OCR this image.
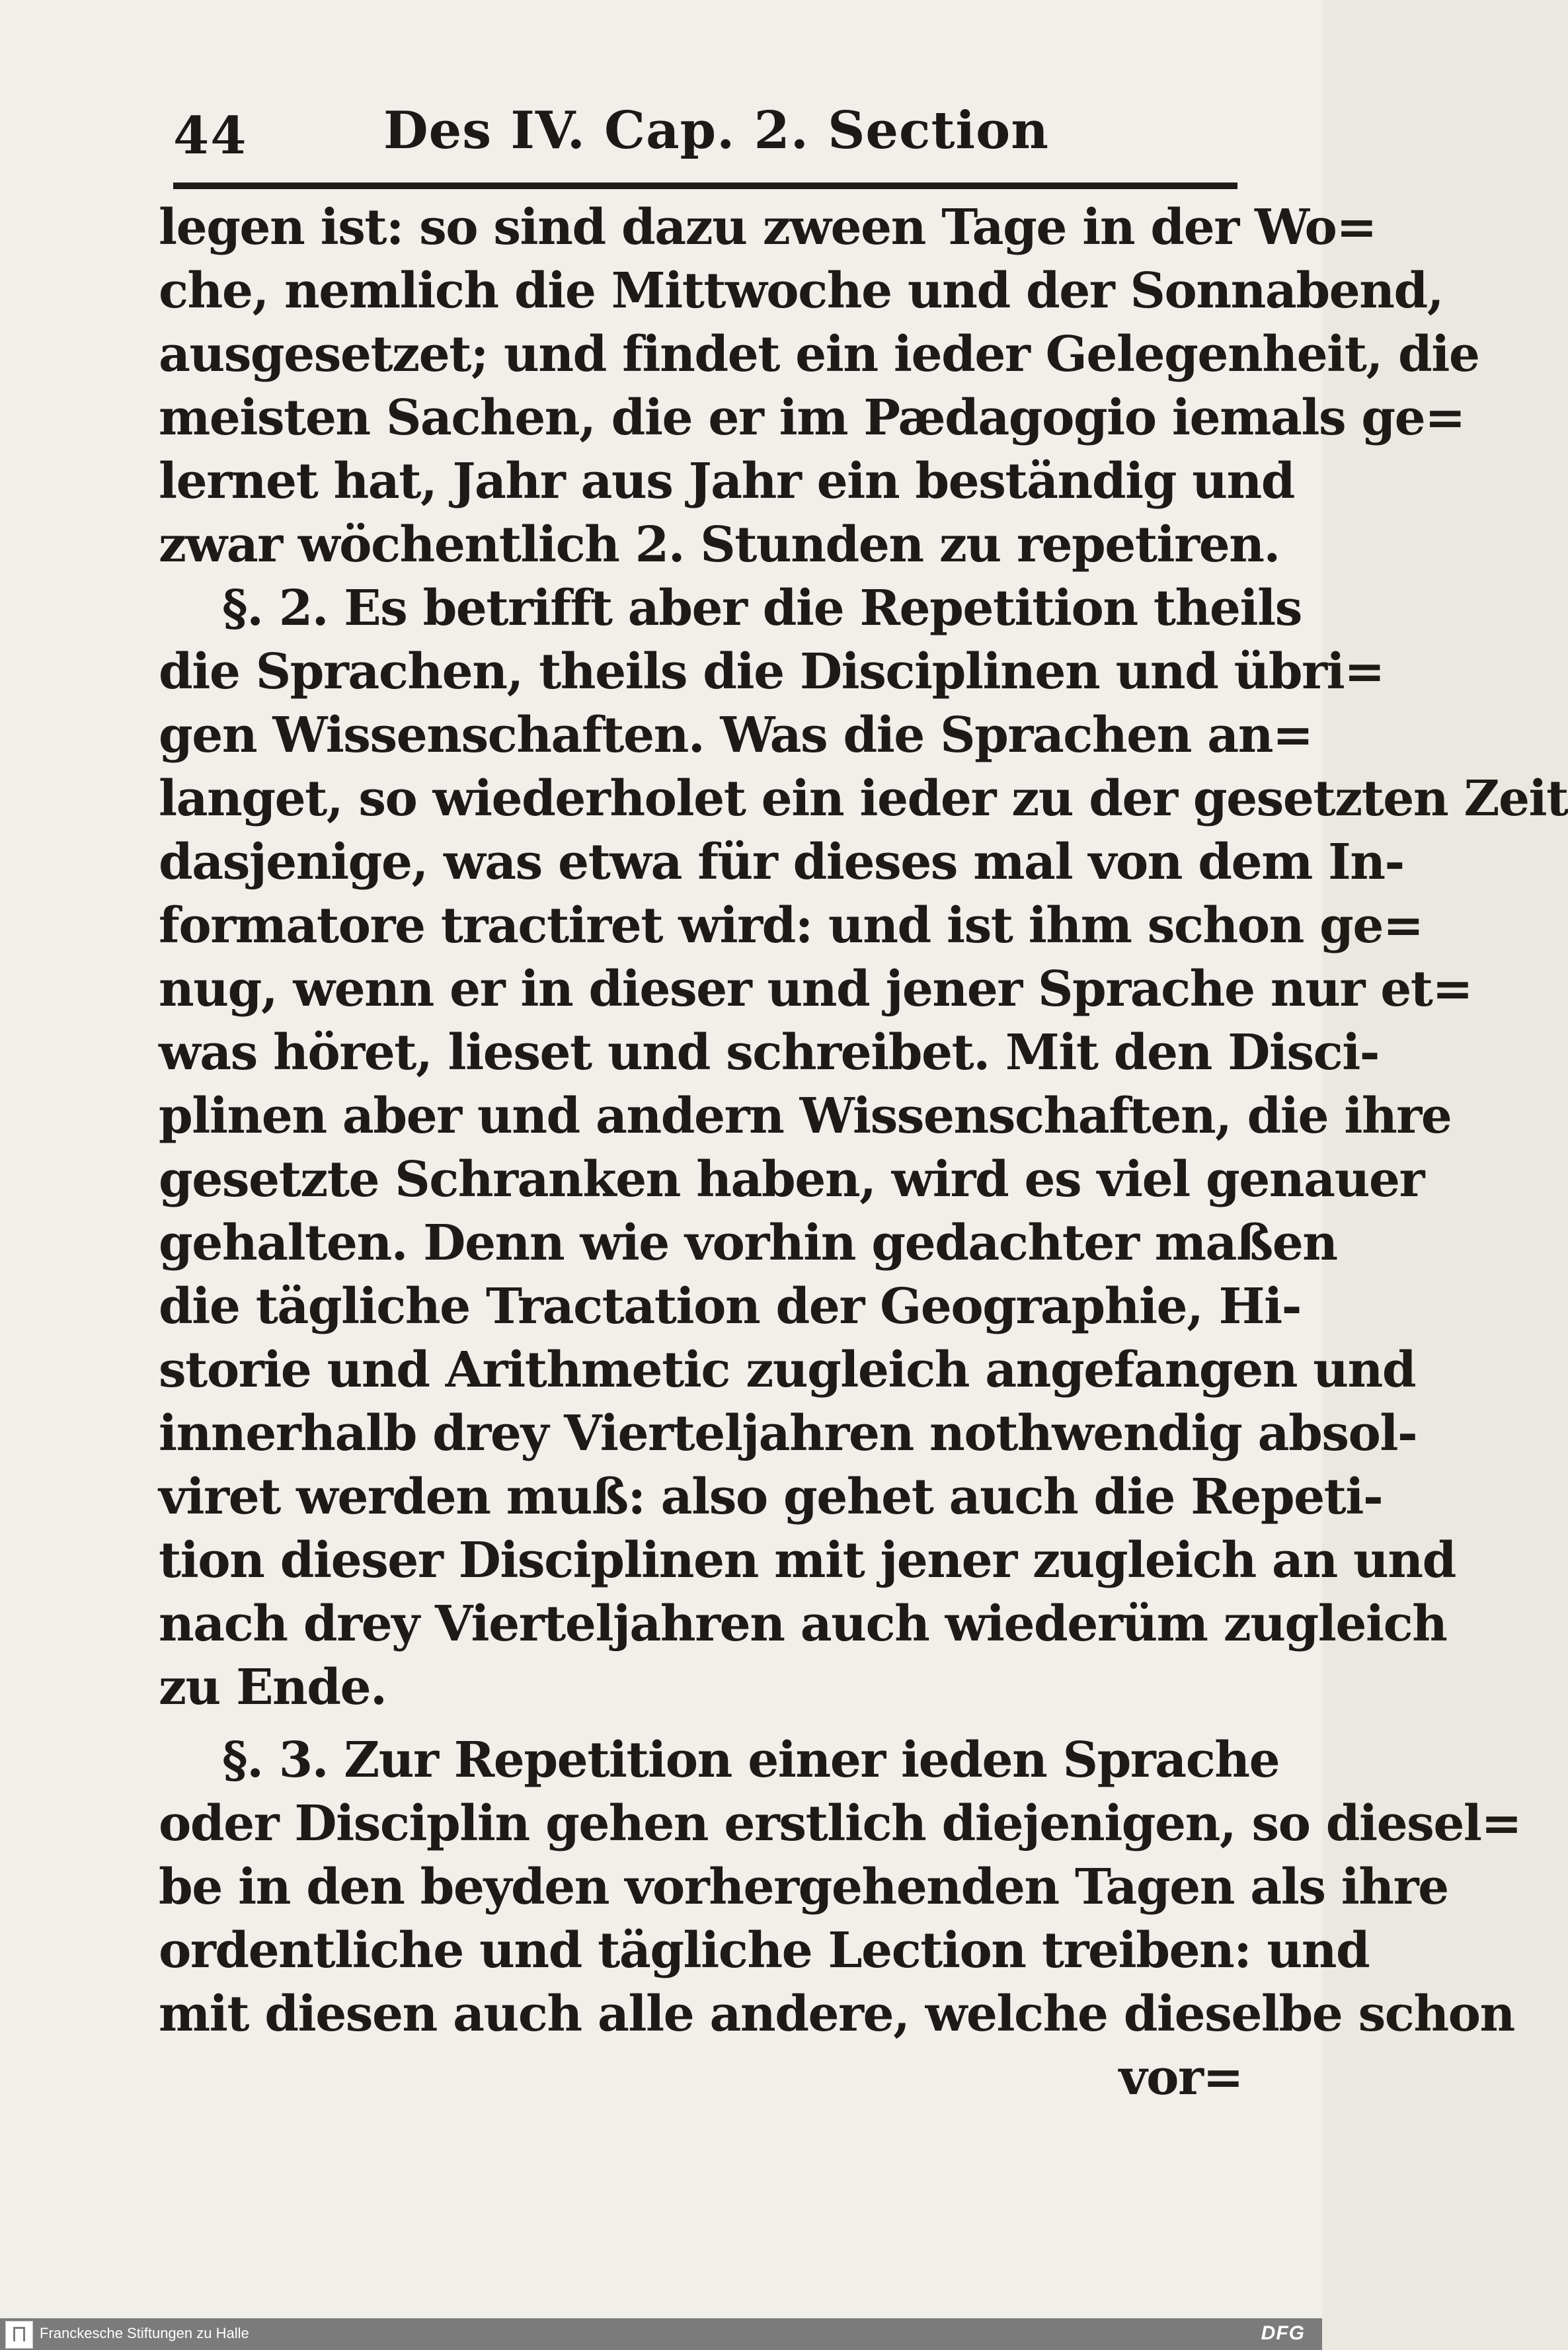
44	Des IV. Cap. 2. Section
legen ist: so sind dazu zween Tage in der Wo=
che, nemlich die Mittwoche und der Sonnabend,
ausgesetzet; und findet ein ieder Gelegenheit, die
meisten Sachen, die er im Pædagogio iemals ge=
lernet hat, Jahr aus Jahr ein beständig und
zwar wöchentlich 2. Stunden zu repetiren.
§. 2. Es betrifft aber die Repetition theils
die Sprachen, theils die Disciplinen und übri=
gen Wissenschaften. Was die Sprachen an=
langet, so wiederholet ein ieder zu der gesetzten Zeit
dasjenige, was etwa für dieses mal von dem In-
formatore tractiret wird: und ist ihm schon ge=
nug, wenn er in dieser und jener Sprache nur et=
was höret, lieset und schreibet. Mit den Disci-
plinen aber und andern Wissenschaften, die ihre
gesetzte Schranken haben, wird es viel genauer
gehalten. Denn wie vorhin gedachter maßen
die tägliche Tractation der Geographie, Hi-
storie und Arithmetic zugleich angefangen und
innerhalb drey Vierteljahren nothwendig absol-
viret werden muß: also gehet auch die Repeti-
tion dieser Disciplinen mit jener zugleich an und
nach drey Vierteljahren auch wiederüm zugleich
zu Ende.
§. 3. Zur Repetition einer ieden Sprache
oder Disciplin gehen erstlich diejenigen, so diesel=
be in den beyden vorhergehenden Tagen als ihre
ordentliche und tägliche Lection treiben: und
mit diesen auch alle andere, welche dieselbe schon
vor=
Franckesche Stiftungen zu Halle	DFG
